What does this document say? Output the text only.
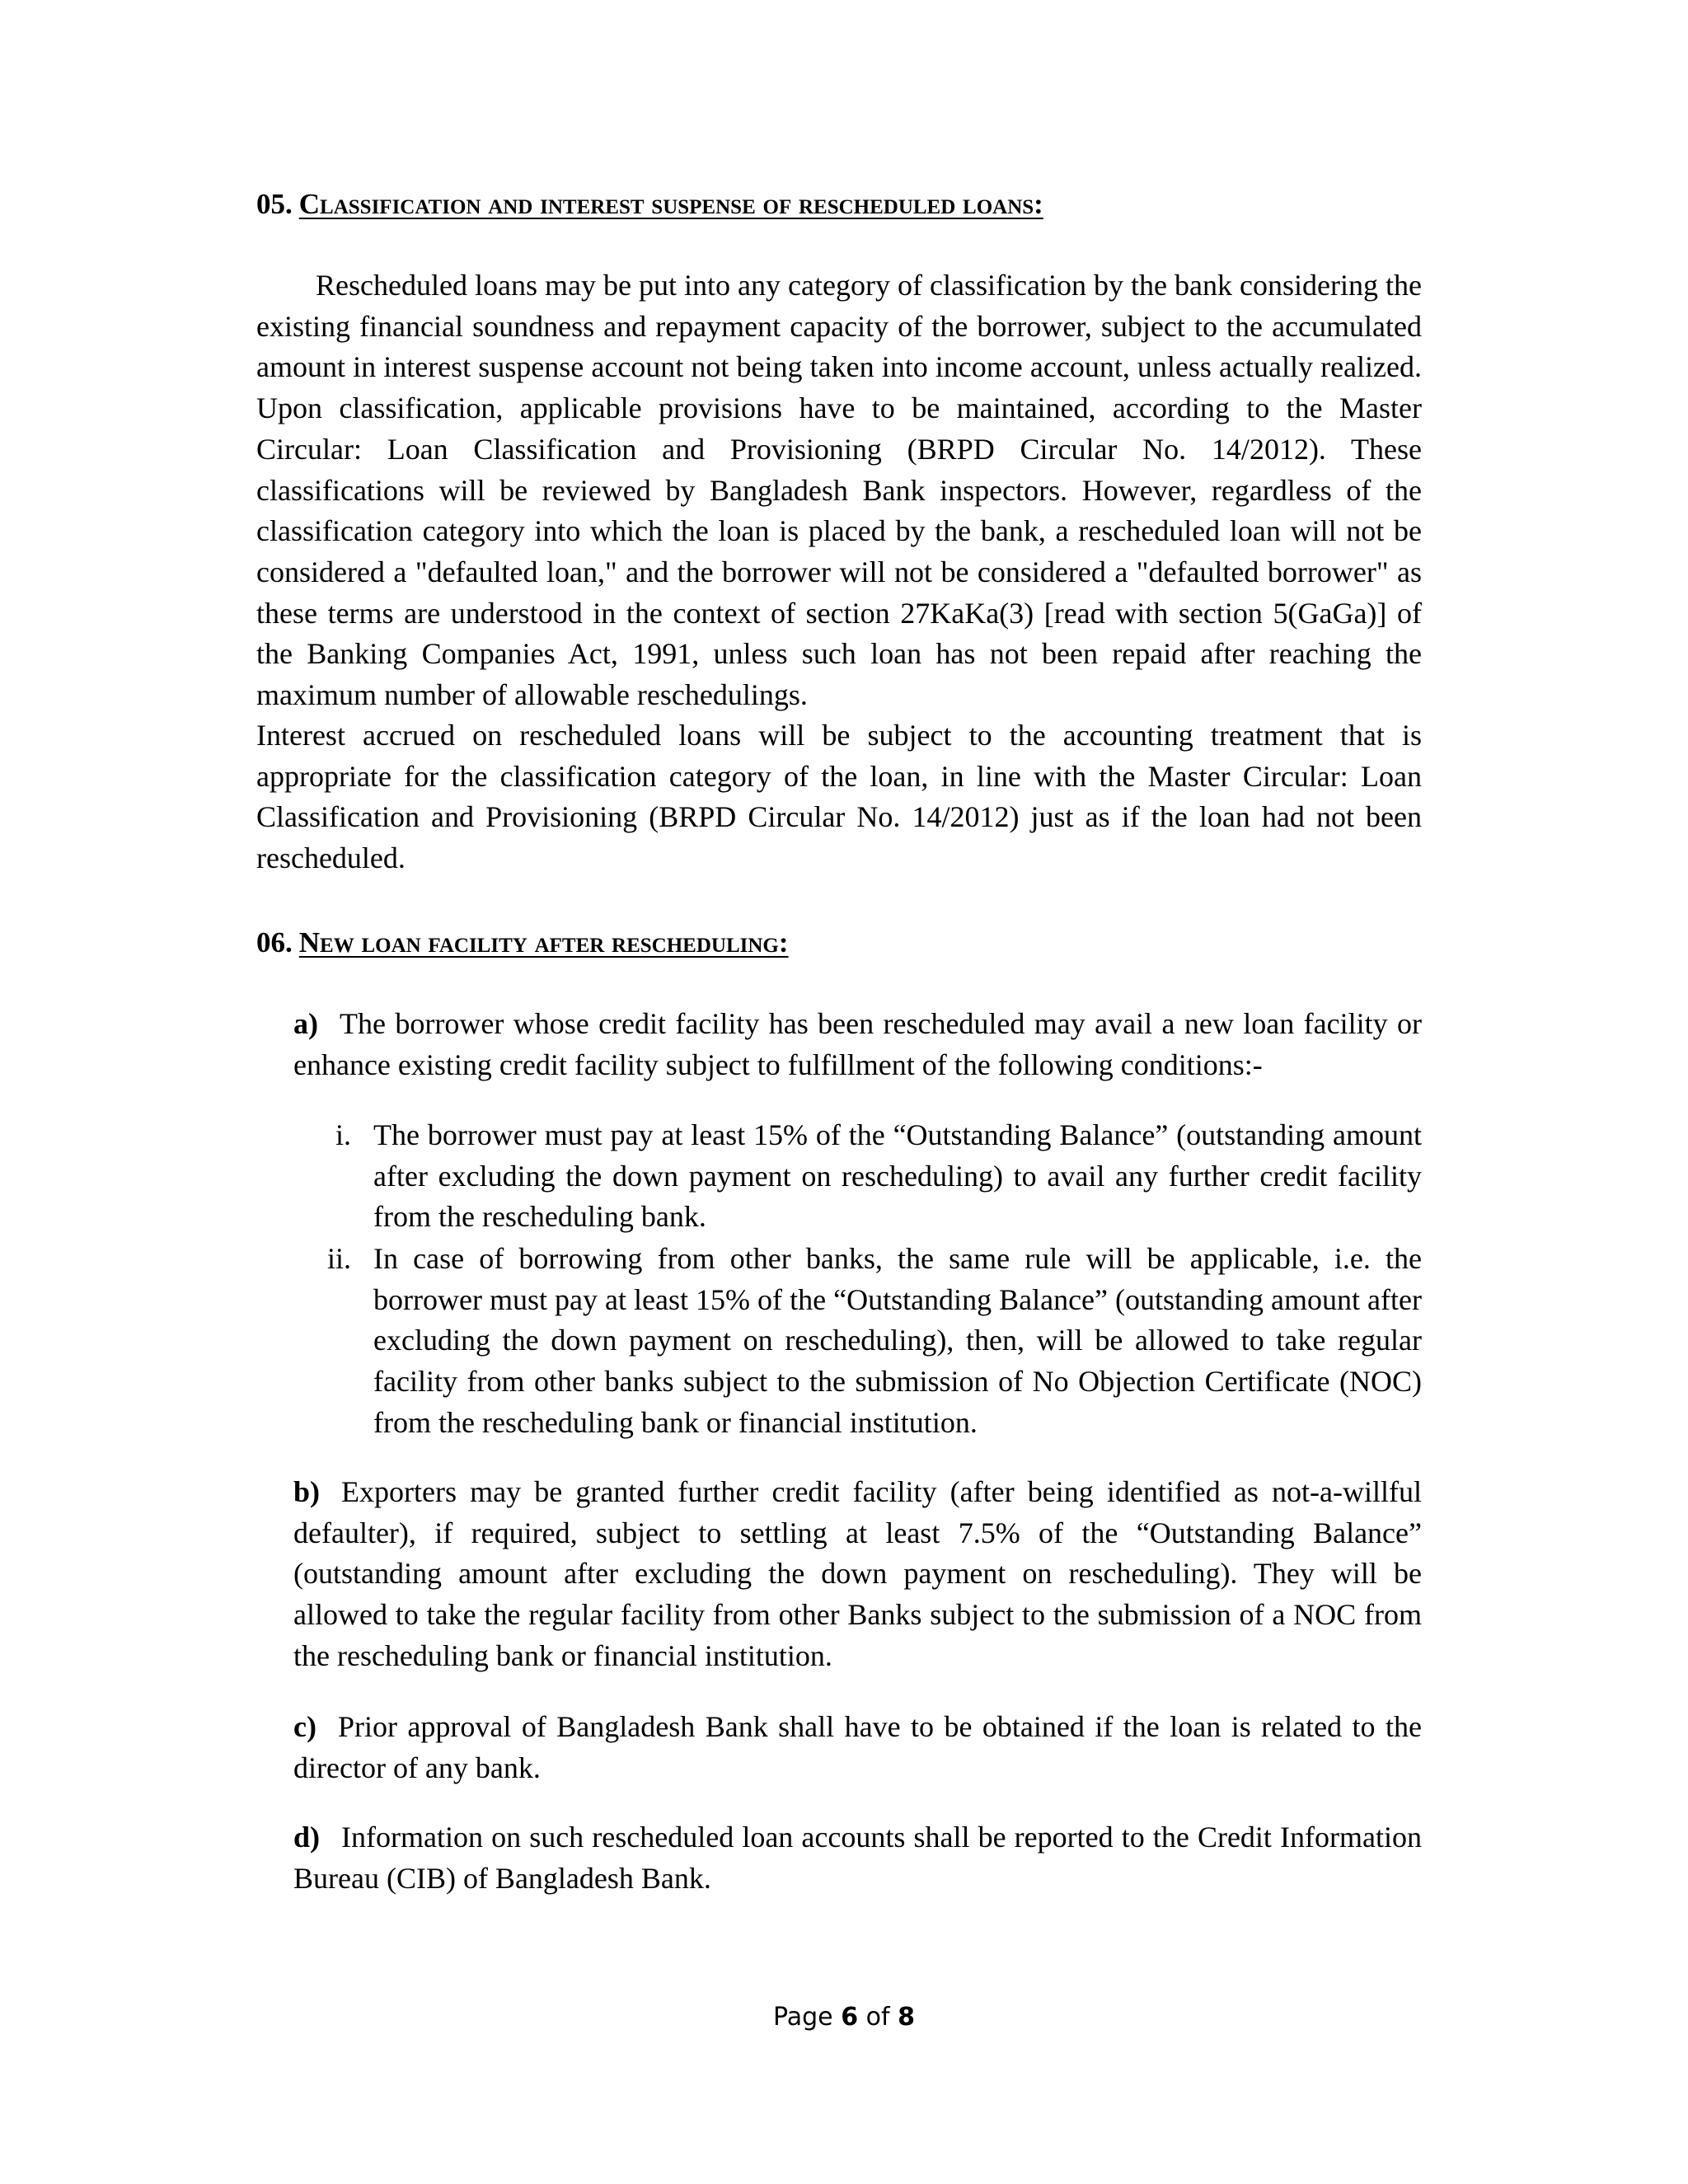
05. Classification and interest suspense of rescheduled loans:

Rescheduled loans may be put into any category of classification by the bank considering the existing financial soundness and repayment capacity of the borrower, subject to the accumulated amount in interest suspense account not being taken into income account, unless actually realized. Upon classification, applicable provisions have to be maintained, according to the Master Circular: Loan Classification and Provisioning (BRPD Circular No. 14/2012). These classifications will be reviewed by Bangladesh Bank inspectors. However, regardless of the classification category into which the loan is placed by the bank, a rescheduled loan will not be considered a "defaulted loan," and the borrower will not be considered a "defaulted borrower" as these terms are understood in the context of section 27KaKa(3) [read with section 5(GaGa)] of the Banking Companies Act, 1991, unless such loan has not been repaid after reaching the maximum number of allowable reschedulings.

Interest accrued on rescheduled loans will be subject to the accounting treatment that is appropriate for the classification category of the loan, in line with the Master Circular: Loan Classification and Provisioning (BRPD Circular No. 14/2012) just as if the loan had not been rescheduled.

06. New loan facility after rescheduling:

a) The borrower whose credit facility has been rescheduled may avail a new loan facility or enhance existing credit facility subject to fulfillment of the following conditions:-

i. The borrower must pay at least 15% of the “Outstanding Balance” (outstanding amount after excluding the down payment on rescheduling) to avail any further credit facility from the rescheduling bank.

ii. In case of borrowing from other banks, the same rule will be applicable, i.e. the borrower must pay at least 15% of the “Outstanding Balance” (outstanding amount after excluding the down payment on rescheduling), then, will be allowed to take regular facility from other banks subject to the submission of No Objection Certificate (NOC) from the rescheduling bank or financial institution.

b) Exporters may be granted further credit facility (after being identified as not-a-willful defaulter), if required, subject to settling at least 7.5% of the “Outstanding Balance” (outstanding amount after excluding the down payment on rescheduling). They will be allowed to take the regular facility from other Banks subject to the submission of a NOC from the rescheduling bank or financial institution.

c) Prior approval of Bangladesh Bank shall have to be obtained if the loan is related to the director of any bank.

d) Information on such rescheduled loan accounts shall be reported to the Credit Information Bureau (CIB) of Bangladesh Bank.

Page 6 of 8
